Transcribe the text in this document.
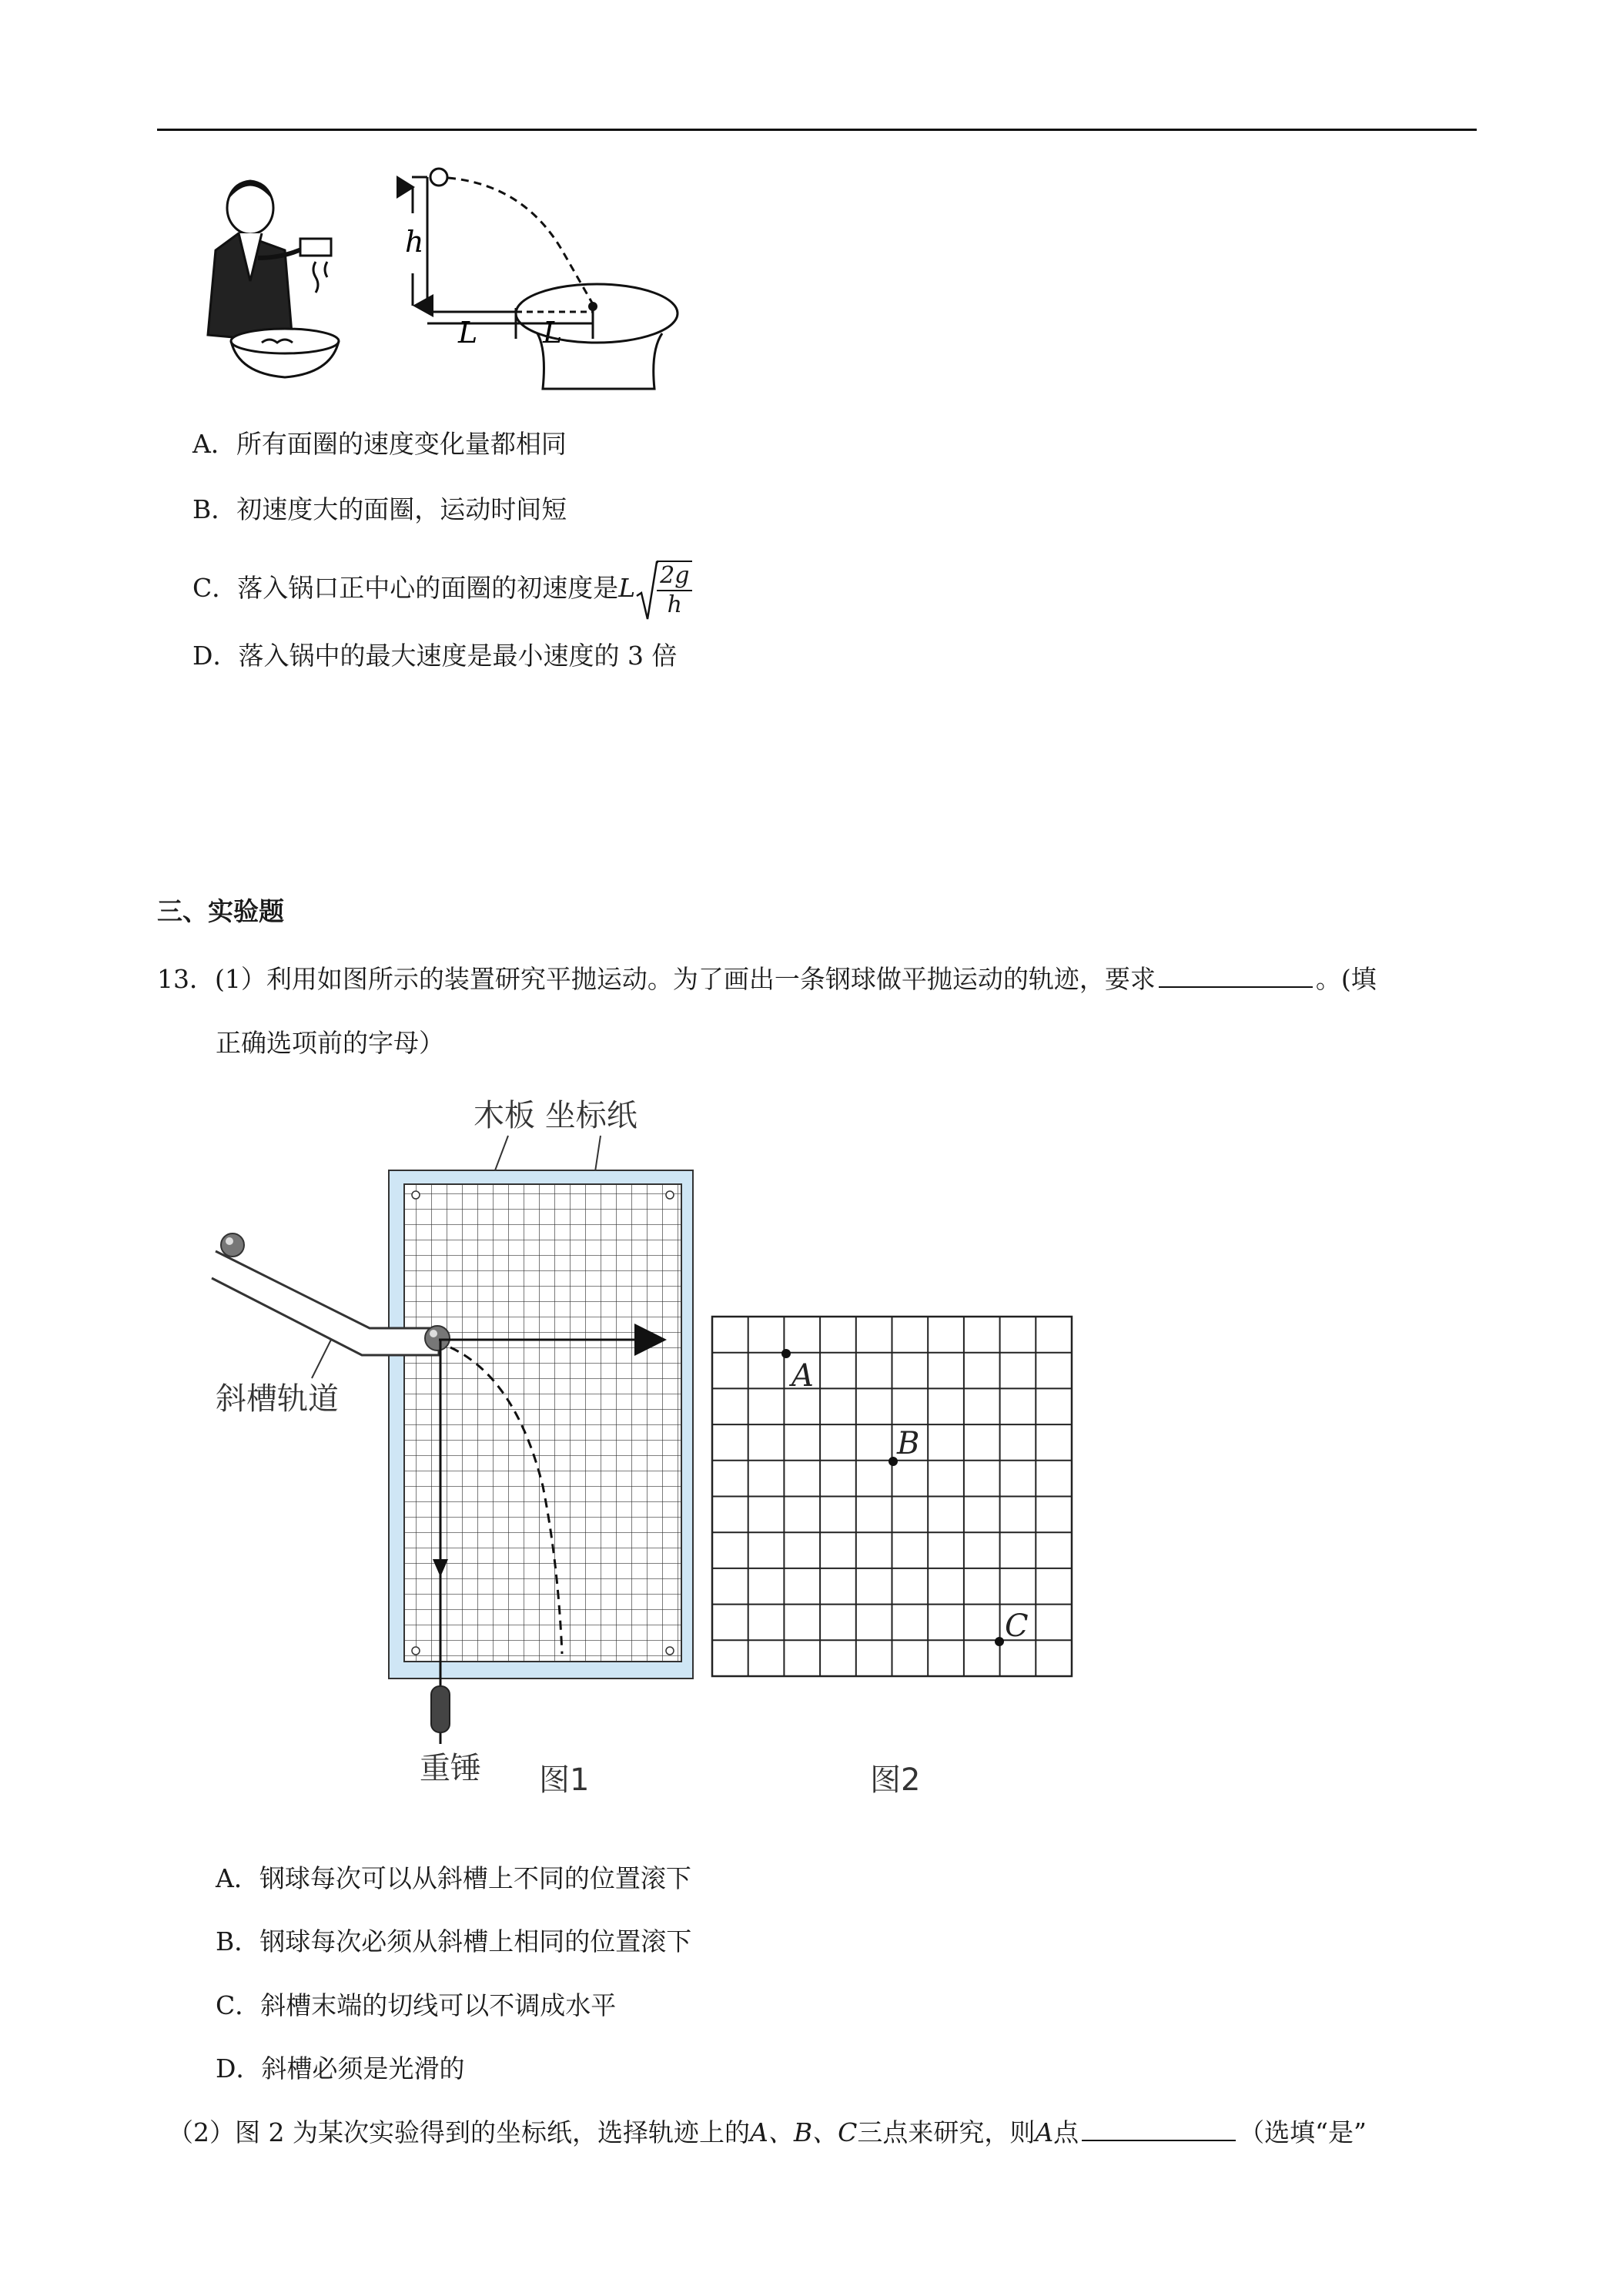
h
L L
A．所有面圈的速度变化量都相同
B．初速度大的面圈，运动时间短
C．落入锅口正中心的面圈的初速度是L $\frac{2g}{h}$
D．落入锅中的最大速度是最小速度的 3 倍
三、实验题
13．(1）利用如图所示的装置研究平抛运动。为了画出一条钢球做平抛运动的轨迹，要求	。(填
正确选项前的字母）
木板 坐标纸
斜槽轨道
重锤 图1
A
B
C
图2
A．钢球每次可以从斜槽上不同的位置滚下
B．钢球每次必须从斜槽上相同的位置滚下
C．斜槽末端的切线可以不调成水平
D．斜槽必须是光滑的
（2）图 2 为某次实验得到的坐标纸，选择轨迹上的A、B、C三点来研究，则A点	（选填“是”
